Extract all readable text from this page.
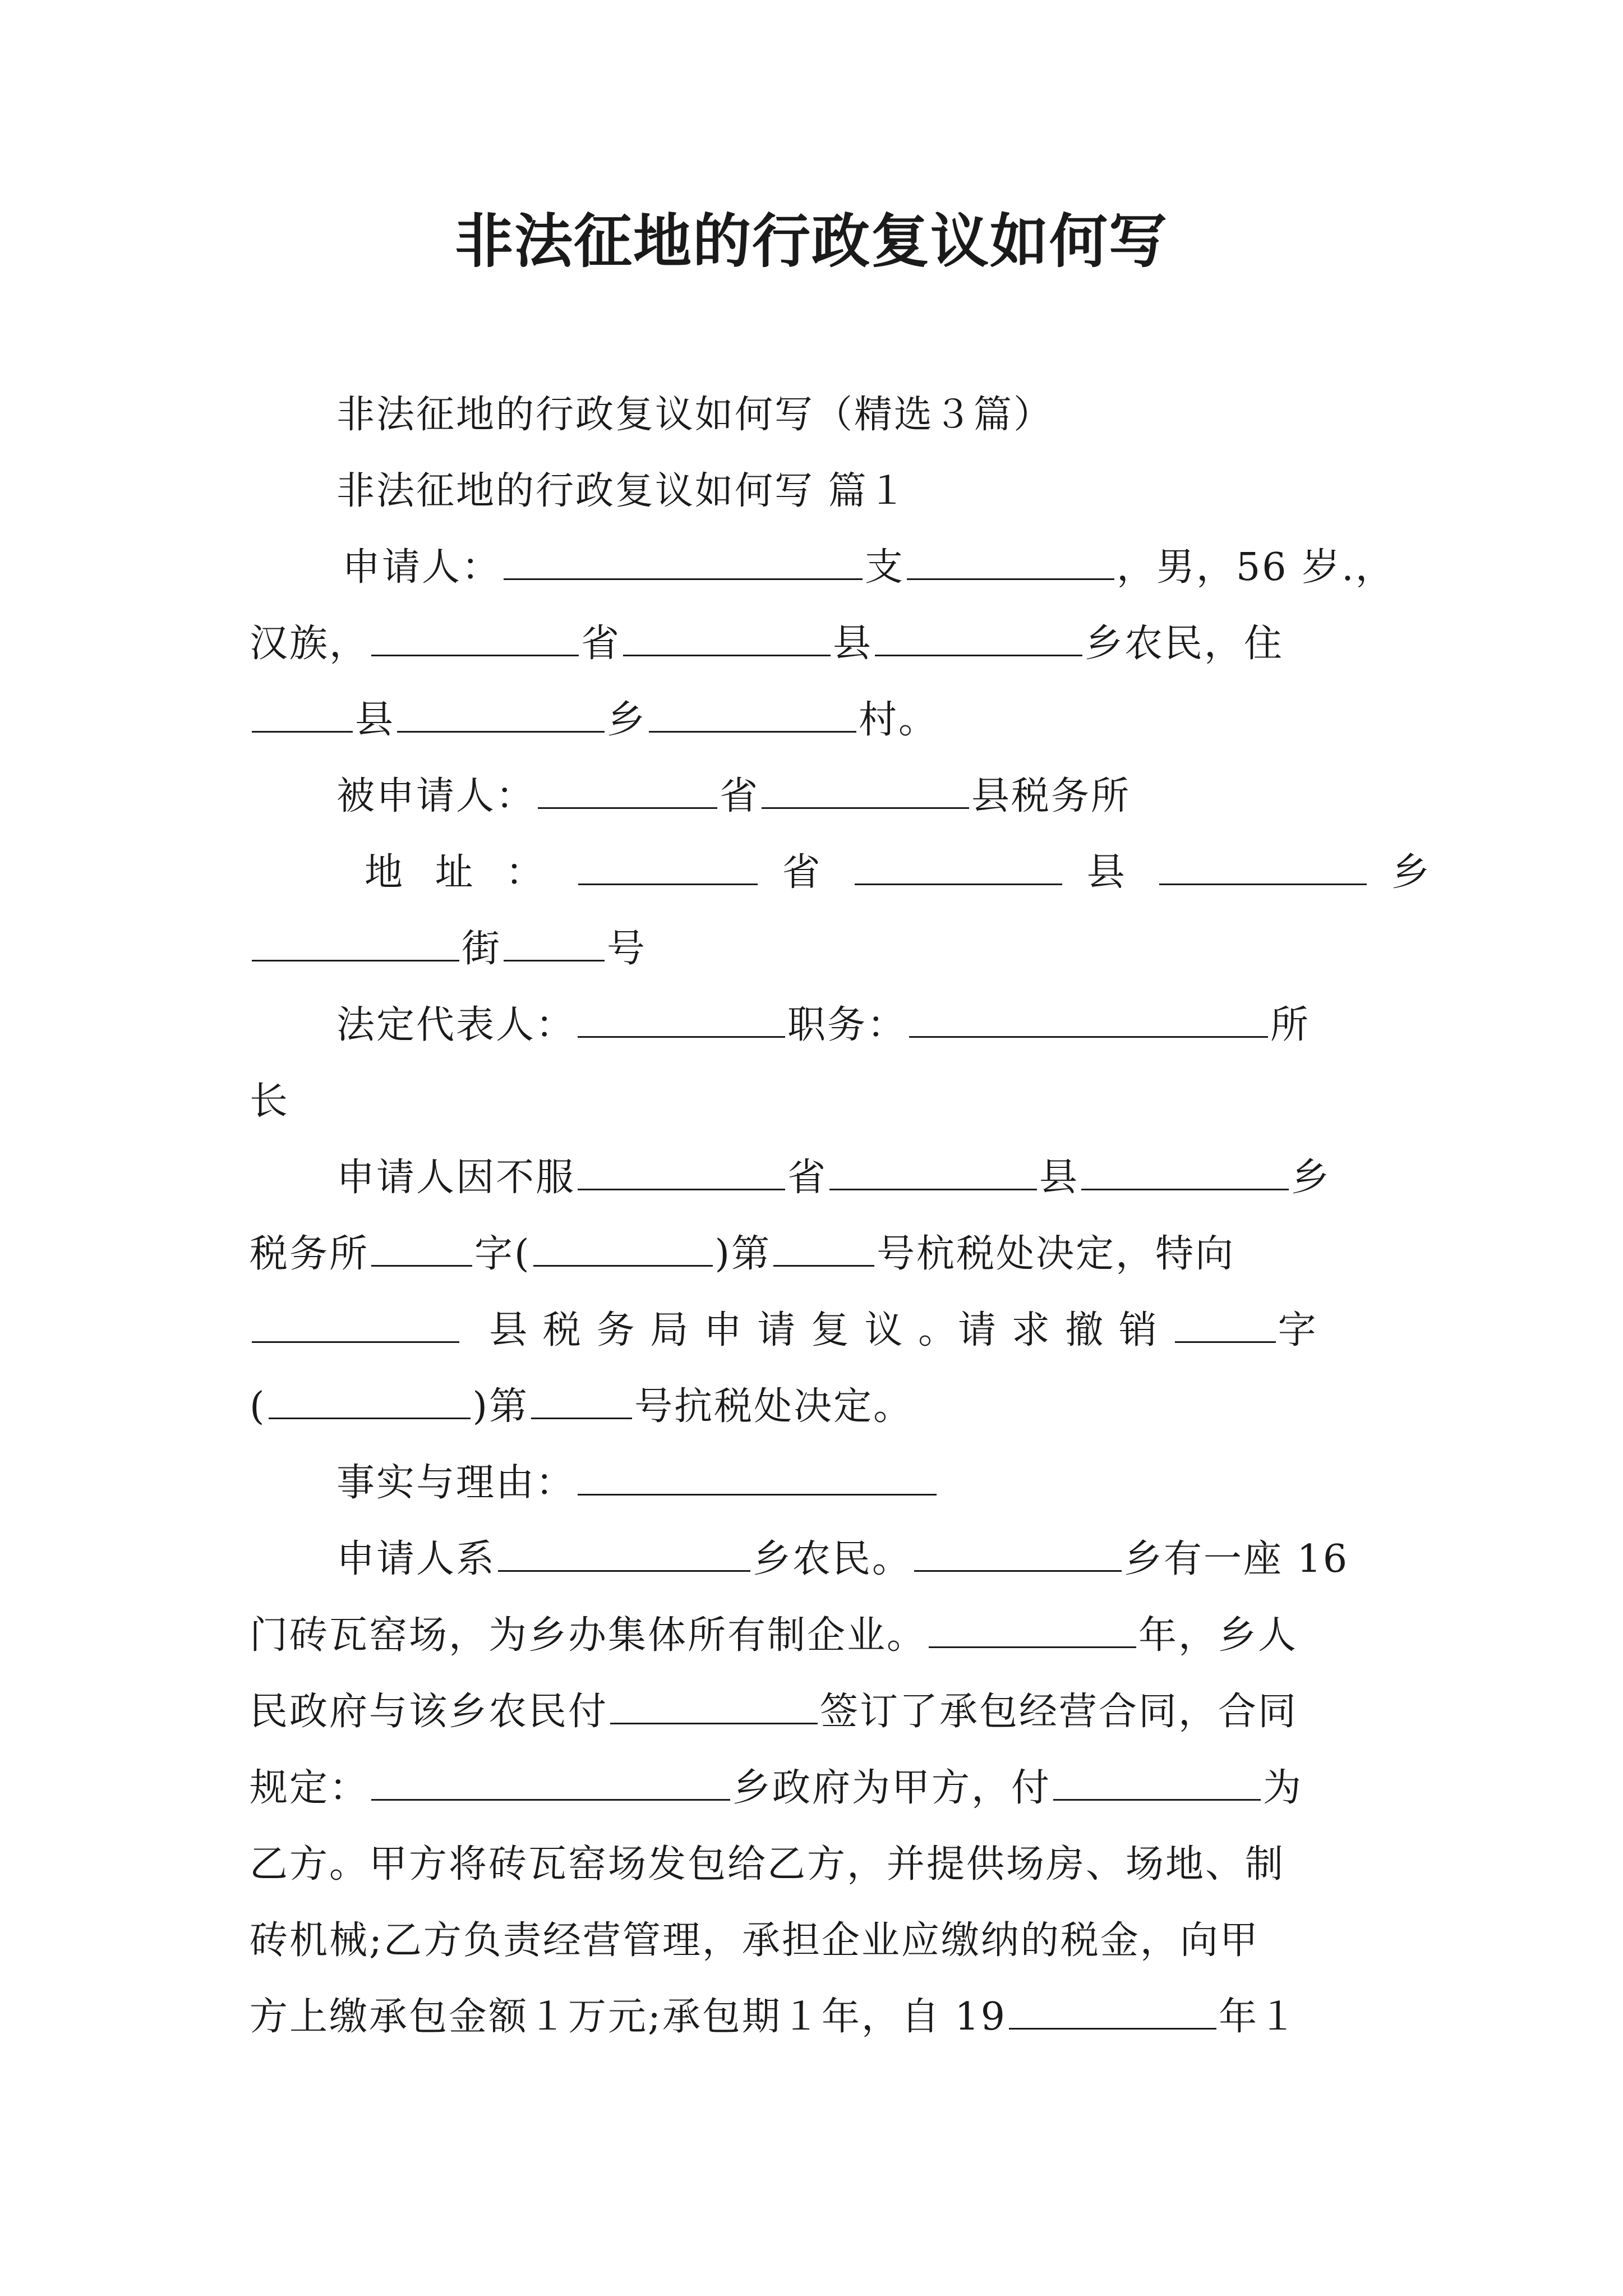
非法征地的行政复议如何写
非法征地的行政复议如何写（精选３篇）
非法征地的行政复议如何写 篇１
申请人：	支	，男，56 岁.，
汉族，	省	县	乡农民，住
县	乡	村。
被申请人：	省	县税务所
地 址 ：	省	县	乡
街	号
法定代表人：	职务：	所
长
申请人因不服	省	县	乡
税务所	字(	)第	号杭税处决定，特向
县 税 务 局 申 请 复 议 。请 求 撤 销	字
(	)第	号抗税处决定。
事实与理由：
申请人系	乡农民。	乡有一座 16
门砖瓦窑场，为乡办集体所有制企业。	年，乡人
民政府与该乡农民付	签订了承包经营合同，合同
规定：	乡政府为甲方，付	为
乙方。甲方将砖瓦窑场发包给乙方，并提供场房、场地、制
砖机械;乙方负责经营管理，承担企业应缴纳的税金，向甲
方上缴承包金额１万元;承包期１年，自 19	年１
